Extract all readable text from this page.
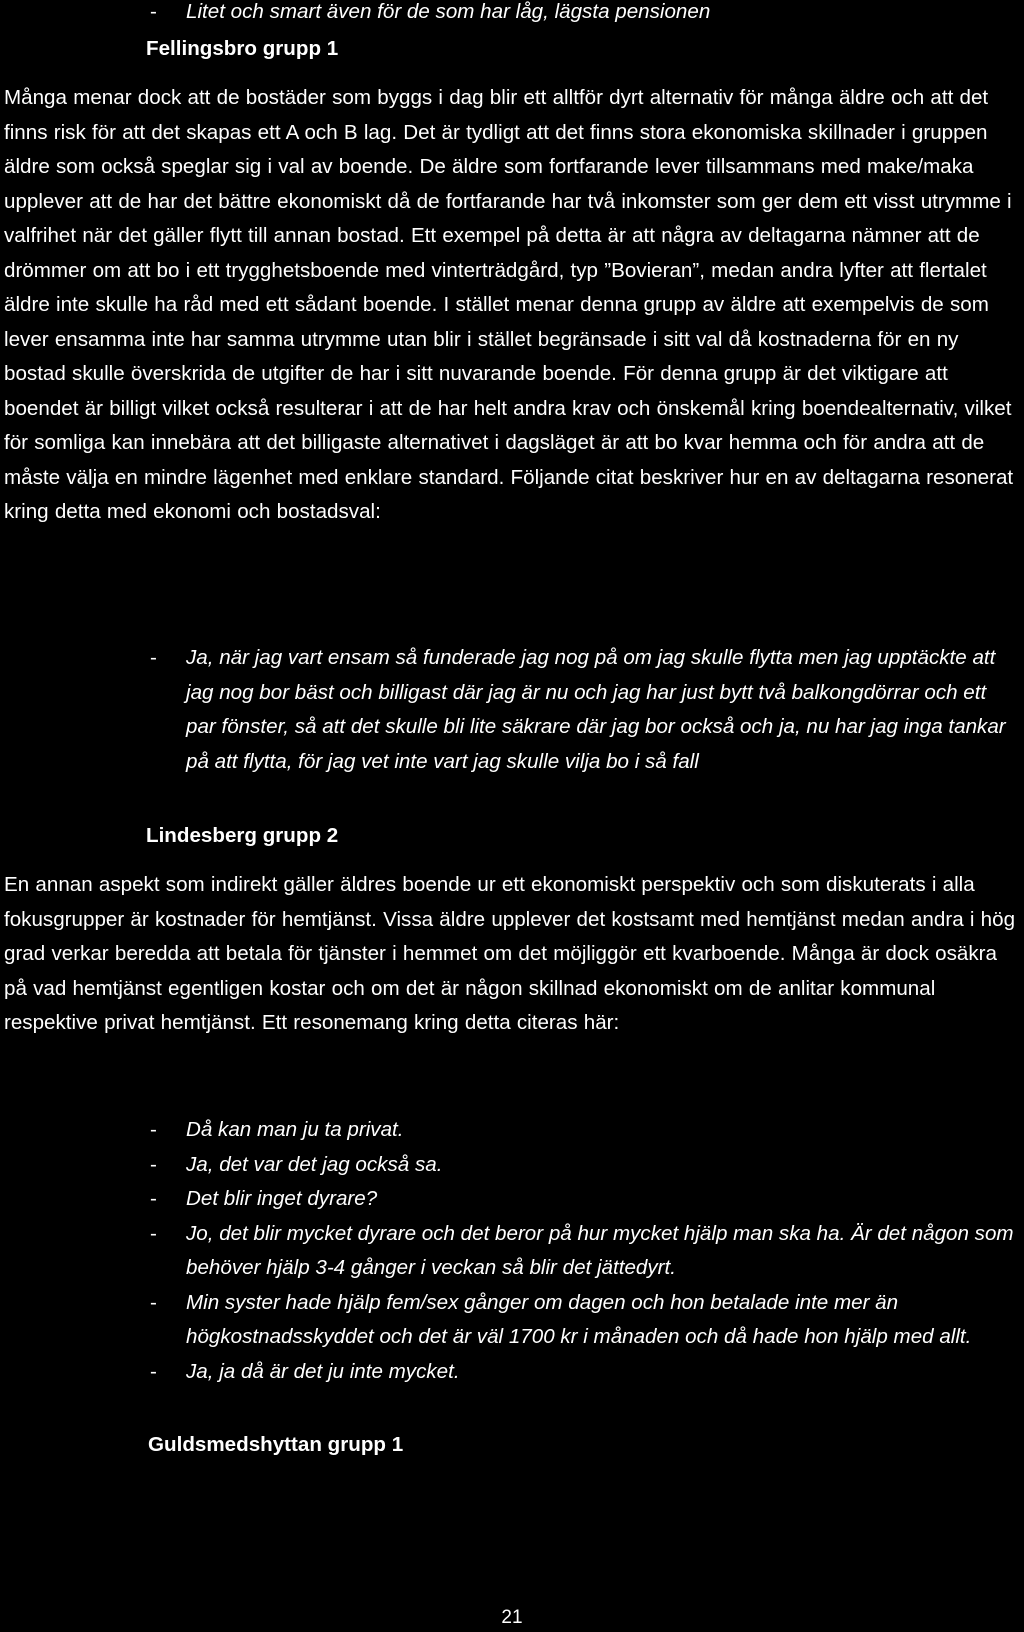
- Litet och smart även för de som har låg, lägsta pensionen

Fellingsbro grupp 1

Många menar dock att de bostäder som byggs i dag blir ett alltför dyrt alternativ för många äldre och att det finns risk för att det skapas ett A och B lag. Det är tydligt att det finns stora ekonomiska skillnader i gruppen äldre som också speglar sig i val av boende. De äldre som fortfarande lever tillsammans med make/maka upplever att de har det bättre ekonomiskt då de fortfarande har två inkomster som ger dem ett visst utrymme i valfrihet när det gäller flytt till annan bostad. Ett exempel på detta är att några av deltagarna nämner att de drömmer om att bo i ett trygghetsboende med vinterträdgård, typ ”Bovieran”, medan andra lyfter att flertalet äldre inte skulle ha råd med ett sådant boende. I stället menar denna grupp av äldre att exempelvis de som lever ensamma inte har samma utrymme utan blir i stället begränsade i sitt val då kostnaderna för en ny bostad skulle överskrida de utgifter de har i sitt nuvarande boende. För denna grupp är det viktigare att boendet är billigt vilket också resulterar i att de har helt andra krav och önskemål kring boendealternativ, vilket för somliga kan innebära att det billigaste alternativet i dagsläget är att bo kvar hemma och för andra att de måste välja en mindre lägenhet med enklare standard. Följande citat beskriver hur en av deltagarna resonerat kring detta med ekonomi och bostadsval:

- Ja, när jag vart ensam så funderade jag nog på om jag skulle flytta men jag upptäckte att jag nog bor bäst och billigast där jag är nu och jag har just bytt två balkongdörrar och ett par fönster, så att det skulle bli lite säkrare där jag bor också och ja, nu har jag inga tankar på att flytta, för jag vet inte vart jag skulle vilja bo i så fall

Lindesberg grupp 2

En annan aspekt som indirekt gäller äldres boende ur ett ekonomiskt perspektiv och som diskuterats i alla fokusgrupper är kostnader för hemtjänst. Vissa äldre upplever det kostsamt med hemtjänst medan andra i hög grad verkar beredda att betala för tjänster i hemmet om det möjliggör ett kvarboende. Många är dock osäkra på vad hemtjänst egentligen kostar och om det är någon skillnad ekonomiskt om de anlitar kommunal respektive privat hemtjänst. Ett resonemang kring detta citeras här:

- Då kan man ju ta privat.
- Ja, det var det jag också sa.
- Det blir inget dyrare?
- Jo, det blir mycket dyrare och det beror på hur mycket hjälp man ska ha. Är det någon som behöver hjälp 3-4 gånger i veckan så blir det jättedyrt.
- Min syster hade hjälp fem/sex gånger om dagen och hon betalade inte mer än högkostnadsskyddet och det är väl 1700 kr i månaden och då hade hon hjälp med allt.
- Ja, ja då är det ju inte mycket.

Guldsmedshyttan grupp 1

21
